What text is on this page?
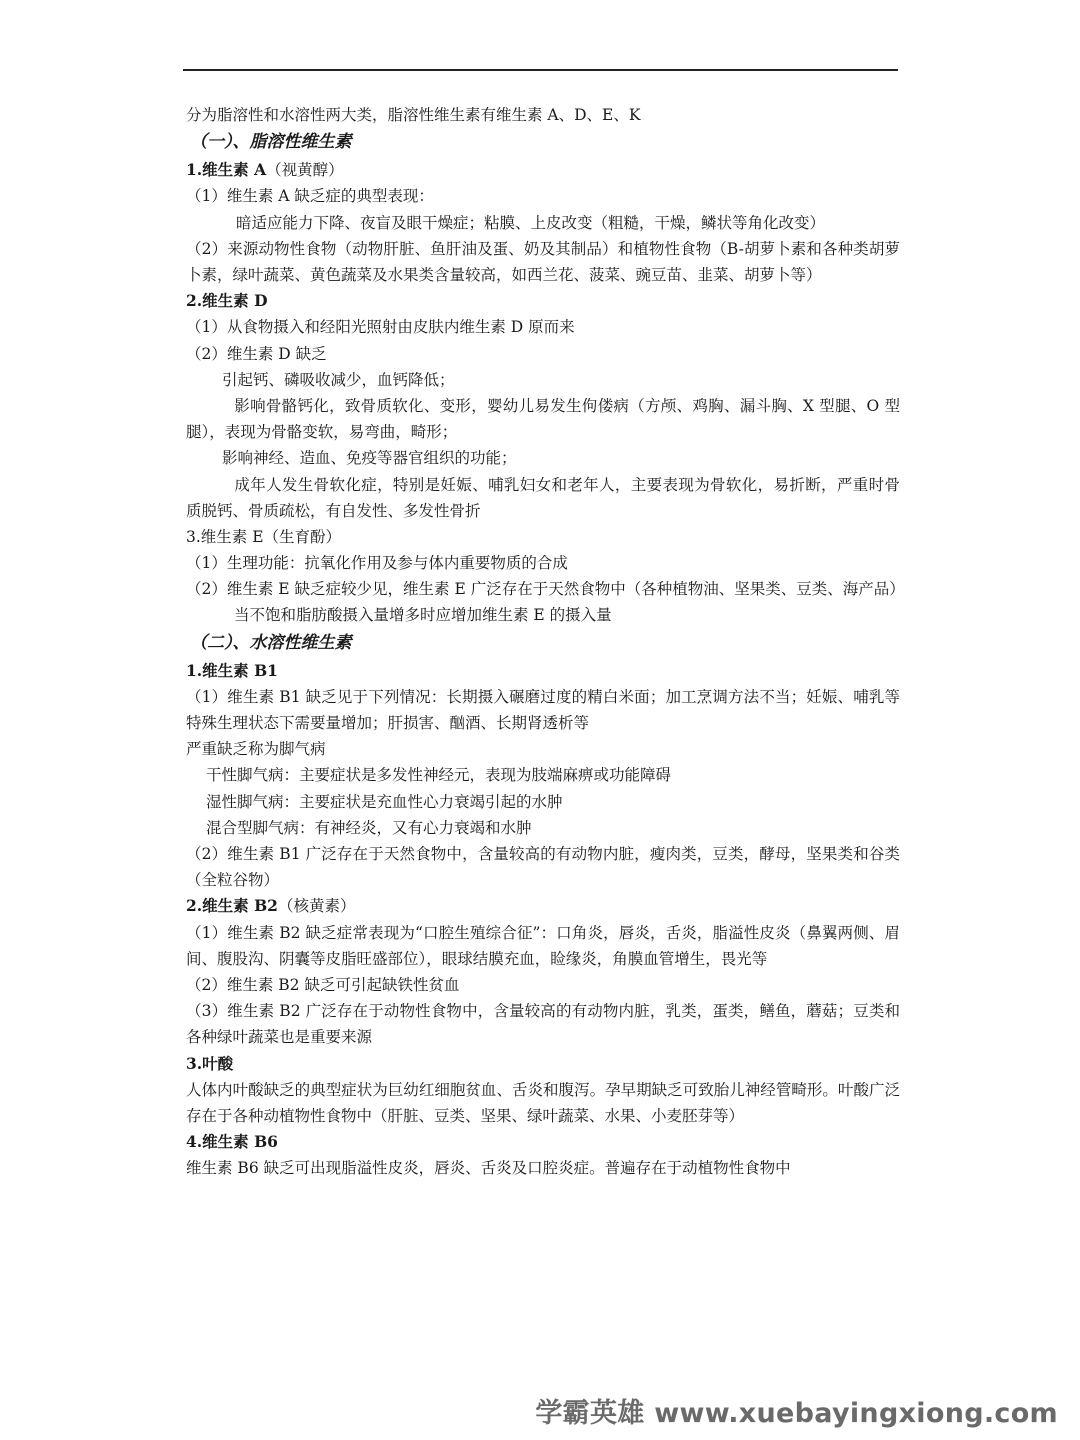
分为脂溶性和水溶性两大类，脂溶性维生素有维生素 A、D、E、K
（一）、脂溶性维生素
1.维生素 A（视黄醇）
（1）维生素 A 缺乏症的典型表现：
暗适应能力下降、夜盲及眼干燥症；粘膜、上皮改变（粗糙，干燥，鳞状等角化改变）
（2）来源动物性食物（动物肝脏、鱼肝油及蛋、奶及其制品）和植物性食物（B-胡萝卜素和各种类胡萝卜素，绿叶蔬菜、黄色蔬菜及水果类含量较高，如西兰花、菠菜、豌豆苗、韭菜、胡萝卜等）
2.维生素 D
（1）从食物摄入和经阳光照射由皮肤内维生素 D 原而来
（2）维生素 D 缺乏
引起钙、磷吸收减少，血钙降低；
影响骨骼钙化，致骨质软化、变形，婴幼儿易发生佝偻病（方颅、鸡胸、漏斗胸、X 型腿、O 型腿），表现为骨骼变软，易弯曲，畸形；
影响神经、造血、免疫等器官组织的功能；
成年人发生骨软化症，特别是妊娠、哺乳妇女和老年人，主要表现为骨软化，易折断，严重时骨质脱钙、骨质疏松，有自发性、多发性骨折
3.维生素 E（生育酚）
（1）生理功能：抗氧化作用及参与体内重要物质的合成
（2）维生素 E 缺乏症较少见，维生素 E 广泛存在于天然食物中（各种植物油、坚果类、豆类、海产品）当不饱和脂肪酸摄入量增多时应增加维生素 E 的摄入量
（二）、水溶性维生素
1.维生素 B1
（1）维生素 B1 缺乏见于下列情况：长期摄入碾磨过度的精白米面；加工烹调方法不当；妊娠、哺乳等特殊生理状态下需要量增加；肝损害、酗酒、长期肾透析等
严重缺乏称为脚气病
干性脚气病：主要症状是多发性神经元，表现为肢端麻痹或功能障碍
湿性脚气病：主要症状是充血性心力衰竭引起的水肿
混合型脚气病：有神经炎，又有心力衰竭和水肿
（2）维生素 B1 广泛存在于天然食物中，含量较高的有动物内脏，瘦肉类，豆类，酵母，坚果类和谷类（全粒谷物）
2.维生素 B2（核黄素）
（1）维生素 B2 缺乏症常表现为“口腔生殖综合征”：口角炎，唇炎，舌炎，脂溢性皮炎（鼻翼两侧、眉间、腹股沟、阴囊等皮脂旺盛部位），眼球结膜充血，睑缘炎，角膜血管增生，畏光等
（2）维生素 B2 缺乏可引起缺铁性贫血
（3）维生素 B2 广泛存在于动物性食物中，含量较高的有动物内脏，乳类，蛋类，鳝鱼，蘑菇；豆类和各种绿叶蔬菜也是重要来源
3.叶酸
人体内叶酸缺乏的典型症状为巨幼红细胞贫血、舌炎和腹泻。孕早期缺乏可致胎儿神经管畸形。叶酸广泛存在于各种动植物性食物中（肝脏、豆类、坚果、绿叶蔬菜、水果、小麦胚芽等）
4.维生素 B6
维生素 B6 缺乏可出现脂溢性皮炎，唇炎、舌炎及口腔炎症。普遍存在于动植物性食物中
学霸英雄 www.xuebayingxiong.com
